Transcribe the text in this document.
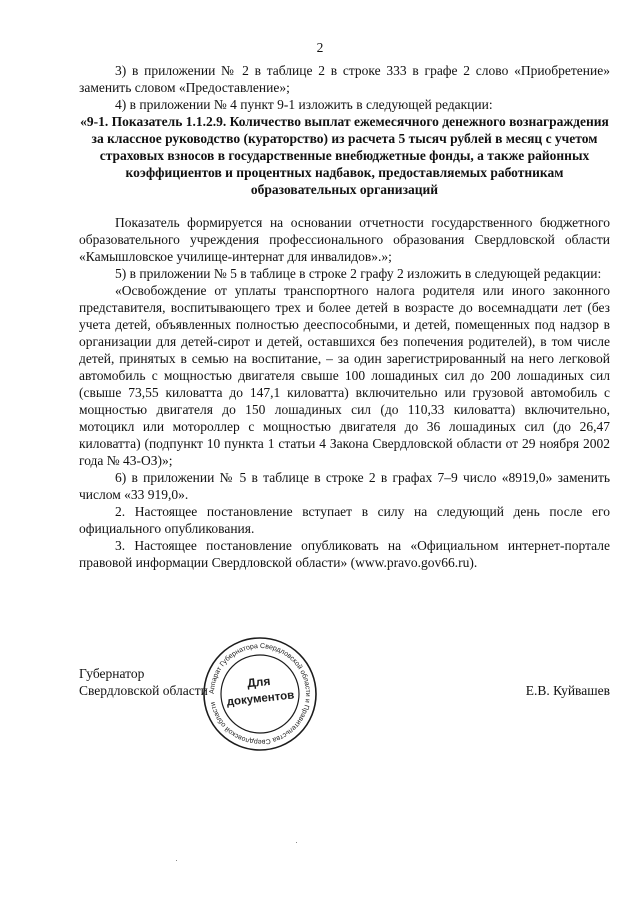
2

3) в приложении № 2 в таблице 2 в строке 333 в графе 2 слово «Приобретение» заменить словом «Предоставление»;

4) в приложении № 4 пункт 9-1 изложить в следующей редакции:

«9-1. Показатель 1.1.2.9. Количество выплат ежемесячного денежного вознаграждения за классное руководство (кураторство) из расчета 5 тысяч рублей в месяц с учетом страховых взносов в государственные внебюджетные фонды, а также районных коэффициентов и процентных надбавок, предоставляемых работникам образовательных организаций

Показатель формируется на основании отчетности государственного бюджетного образовательного учреждения профессионального образования Свердловской области «Камышловское училище-интернат для инвалидов».»;

5) в приложении № 5 в таблице в строке 2 графу 2 изложить в следующей редакции:

«Освобождение от уплаты транспортного налога родителя или иного законного представителя, воспитывающего трех и более детей в возрасте до восемнадцати лет (без учета детей, объявленных полностью дееспособными, и детей, помещенных под надзор в организации для детей-сирот и детей, оставшихся без попечения родителей), в том числе детей, принятых в семью на воспитание, – за один зарегистрированный на него легковой автомобиль с мощностью двигателя свыше 100 лошадиных сил до 200 лошадиных сил (свыше 73,55 киловатта до 147,1 киловатта) включительно или грузовой автомобиль с мощностью двигателя до 150 лошадиных сил (до 110,33 киловатта) включительно, мотоцикл или мотороллер с мощностью двигателя до 36 лошадиных сил (до 26,47 киловатта) (подпункт 10 пункта 1 статьи 4 Закона Свердловской области от 29 ноября 2002 года № 43-ОЗ)»;

6) в приложении № 5 в таблице в строке 2 в графах 7–9 число «8919,0» заменить числом «33 919,0».

2. Настоящее постановление вступает в силу на следующий день после его официального опубликования.

3. Настоящее постановление опубликовать на «Официальном интернет-портале правовой информации Свердловской области» (www.pravo.gov66.ru).

Губернатор
Свердловской области	Е.В. Куйвашев
Аппарат Губернатора Свердловской области и Правительства Свердловской области
Для
документов
